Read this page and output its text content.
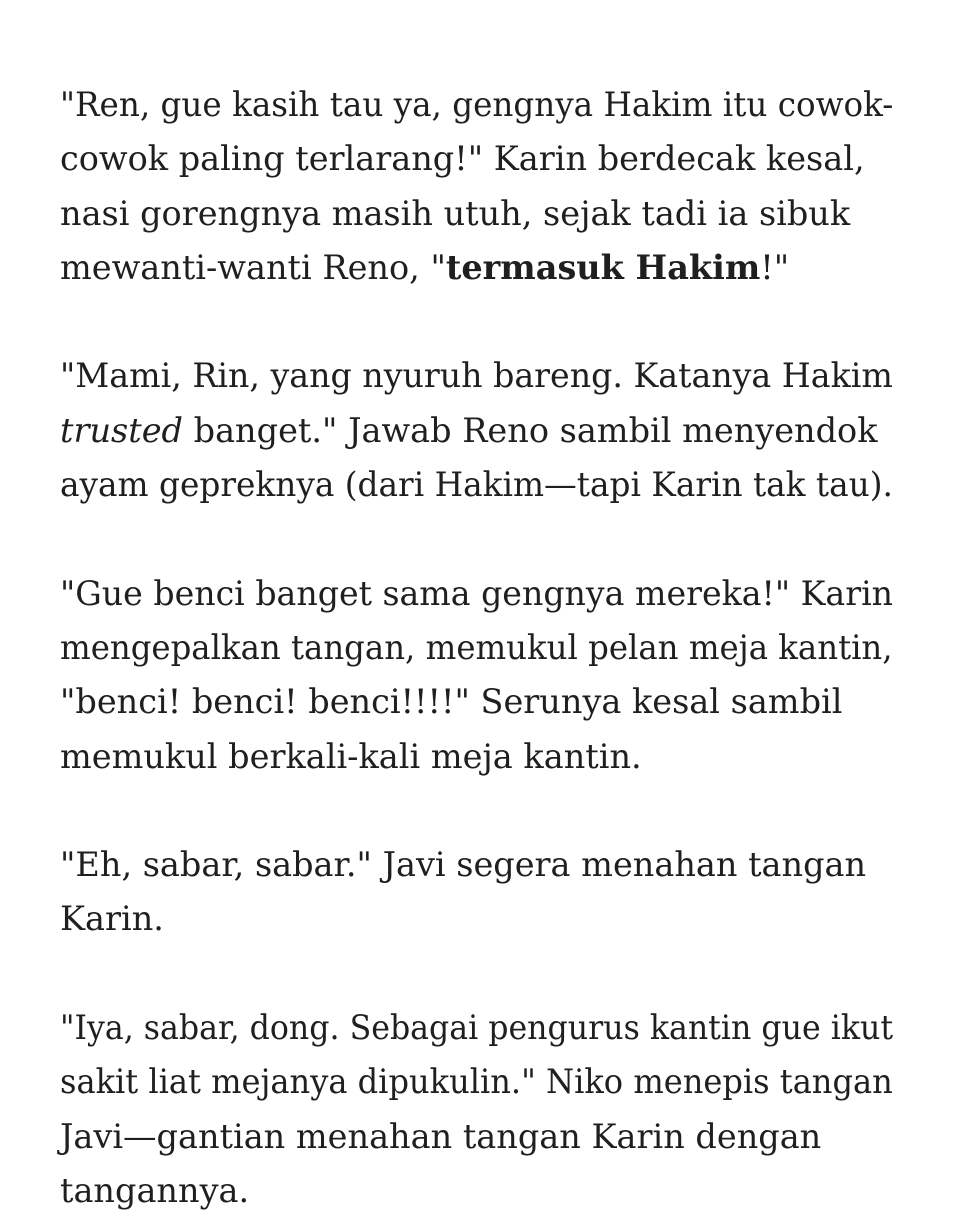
"Ren, gue kasih tau ya, gengnya Hakim itu cowok-
cowok paling terlarang!" Karin berdecak kesal,
nasi gorengnya masih utuh, sejak tadi ia sibuk
mewanti-wanti Reno, "termasuk Hakim!"

"Mami, Rin, yang nyuruh bareng. Katanya Hakim
trusted banget." Jawab Reno sambil menyendok
ayam gepreknya (dari Hakim—tapi Karin tak tau).

"Gue benci banget sama gengnya mereka!" Karin
mengepalkan tangan, memukul pelan meja kantin,
"benci! benci! benci!!!!" Serunya kesal sambil
memukul berkali-kali meja kantin.

"Eh, sabar, sabar." Javi segera menahan tangan
Karin.

"Iya, sabar, dong. Sebagai pengurus kantin gue ikut
sakit liat mejanya dipukulin." Niko menepis tangan
Javi—gantian menahan tangan Karin dengan
tangannya.
